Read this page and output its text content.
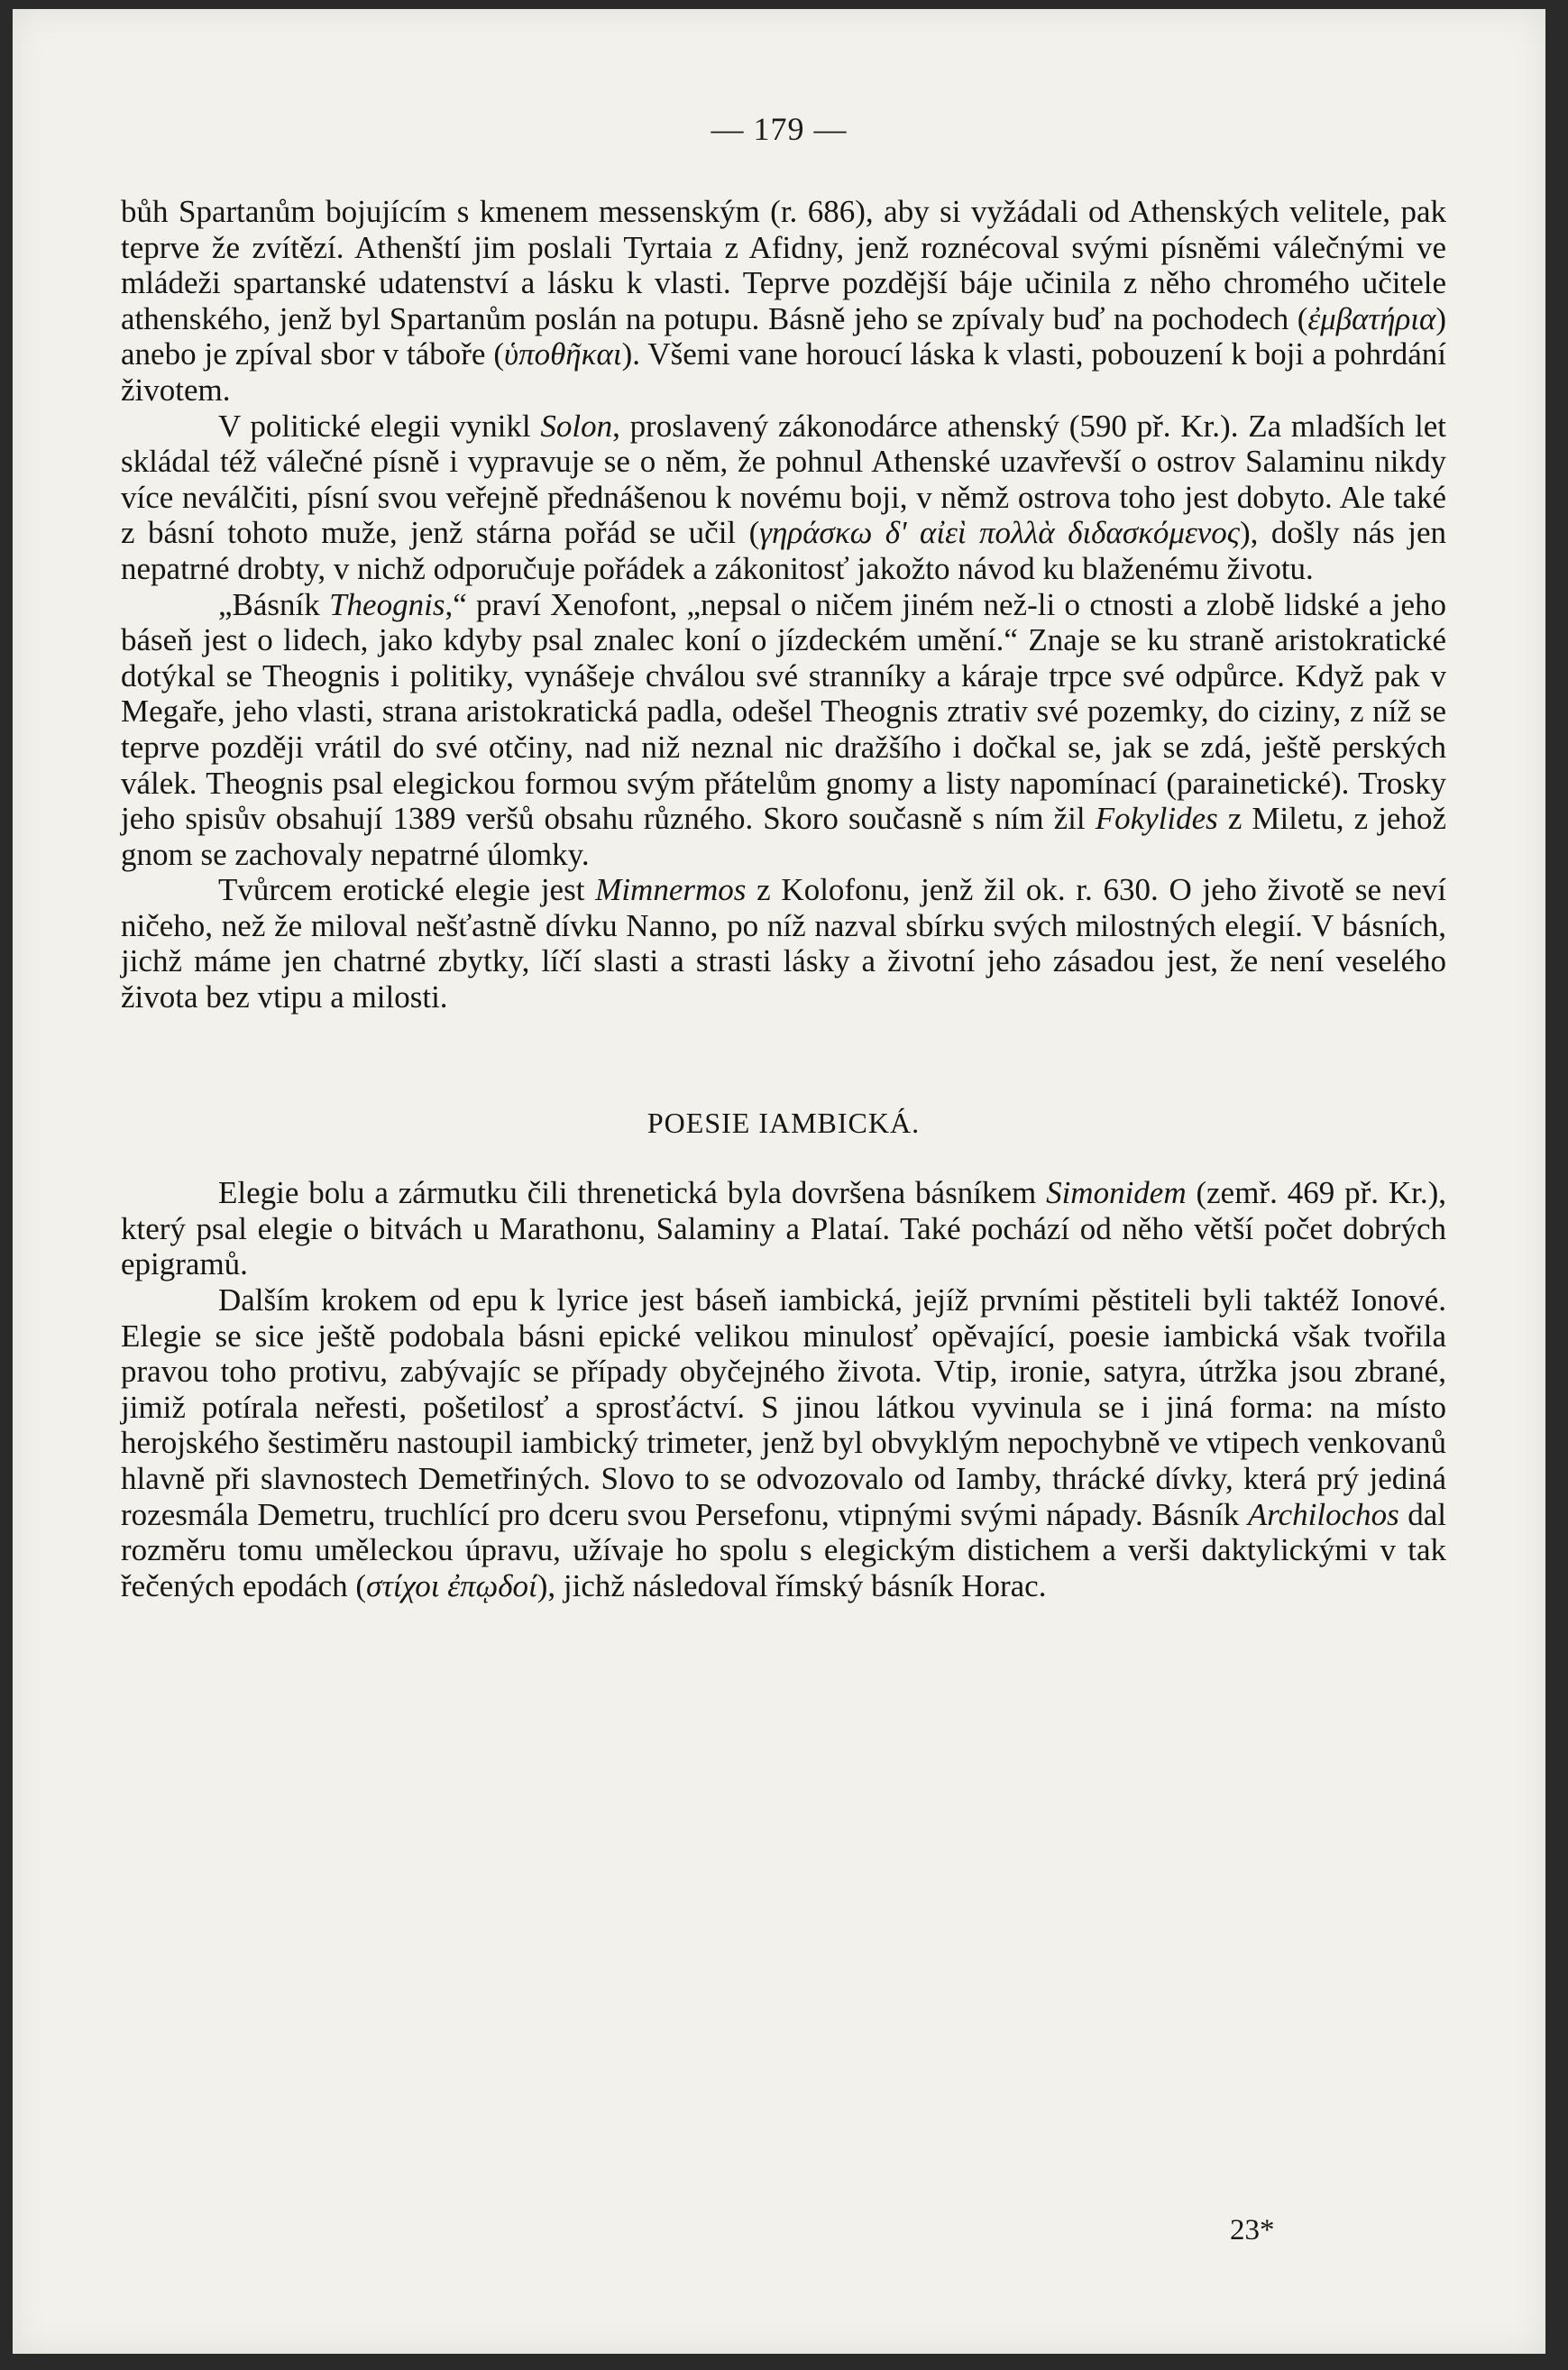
— 179 —

bůh Spartanům bojujícím s kmenem messenským (r. 686), aby si vyžádali od Athenských velitele, pak teprve že zvítězí. Athenští jim poslali Tyrtaia z Afidny, jenž roznécoval svými písněmi válečnými ve mládeži spartanské udatenství a lásku k vlasti. Teprve pozdější báje učinila z něho chromého učitele athenského, jenž byl Spartanům poslán na potupu. Básně jeho se zpívaly buď na pochodech (ἐμβατήρια) anebo je zpíval sbor v táboře (ὑποθῆκαι). Všemi vane horoucí láska k vlasti, pobouzení k boji a pohrdání životem.

V politické elegii vynikl Solon, proslavený zákonodárce athenský (590 př. Kr.). Za mladších let skládal též válečné písně i vypravuje se o něm, že pohnul Athenské uzavřevší o ostrov Salaminu nikdy více neválčiti, písní svou veřejně přednášenou k novému boji, v němž ostrova toho jest dobyto. Ale také z básní tohoto muže, jenž stárna pořád se učil (γηράσκω δ' αἰεὶ πολλὰ διδασκόμενος), došly nás jen nepatrné drobty, v nichž odporučuje pořádek a zákonitosť jakožto návod ku blaženému životu.

„Básník Theognis,“ praví Xenofont, „nepsal o ničem jiném než-li o ctnosti a zlobě lidské a jeho báseň jest o lidech, jako kdyby psal znalec koní o jízdeckém umění.“ Znaje se ku straně aristokratické dotýkal se Theognis i politiky, vynášeje chválou své stranníky a káraje trpce své odpůrce. Když pak v Megaře, jeho vlasti, strana aristokratická padla, odešel Theognis ztrativ své pozemky, do ciziny, z níž se teprve později vrátil do své otčiny, nad niž neznal nic dražšího i dočkal se, jak se zdá, ještě perských válek. Theognis psal elegickou formou svým přátelům gnomy a listy napomínací (parainetické). Trosky jeho spisův obsahují 1389 veršů obsahu různého. Skoro současně s ním žil Fokylides z Miletu, z jehož gnom se zachovaly nepatrné úlomky.

Tvůrcem erotické elegie jest Mimnermos z Kolofonu, jenž žil ok. r. 630. O jeho životě se neví ničeho, než že miloval nešťastně dívku Nanno, po níž nazval sbírku svých milostných elegií. V básních, jichž máme jen chatrné zbytky, líčí slasti a strasti lásky a životní jeho zásadou jest, že není veselého života bez vtipu a milosti.

POESIE IAMBICKÁ.

Elegie bolu a zármutku čili threnetická byla dovršena básníkem Simonidem (zemř. 469 př. Kr.), který psal elegie o bitvách u Marathonu, Salaminy a Plataí. Také pochází od něho větší počet dobrých epigramů.

Dalším krokem od epu k lyrice jest báseň iambická, jejíž prvními pěstiteli byli taktéž Ionové. Elegie se sice ještě podobala básni epické velikou minulosť opěvající, poesie iambická však tvořila pravou toho protivu, zabývajíc se případy obyčejného života. Vtip, ironie, satyra, útržka jsou zbrané, jimiž potírala neřesti, pošetilosť a sprosťáctví. S jinou látkou vyvinula se i jiná forma: na místo herojského šestiměru nastoupil iambický trimeter, jenž byl obvyklým nepochybně ve vtipech venkovanů hlavně při slavnostech Demetřiných. Slovo to se odvozovalo od Iamby, thrácké dívky, která prý jediná rozesmála Demetru, truchlící pro dceru svou Persefonu, vtipnými svými nápady. Básník Archilochos dal rozměru tomu uměleckou úpravu, užívaje ho spolu s elegickým distichem a verši daktylickými v tak řečených epodách (στίχοι ἐπῳδοί), jichž následoval římský básník Horac.

23*
